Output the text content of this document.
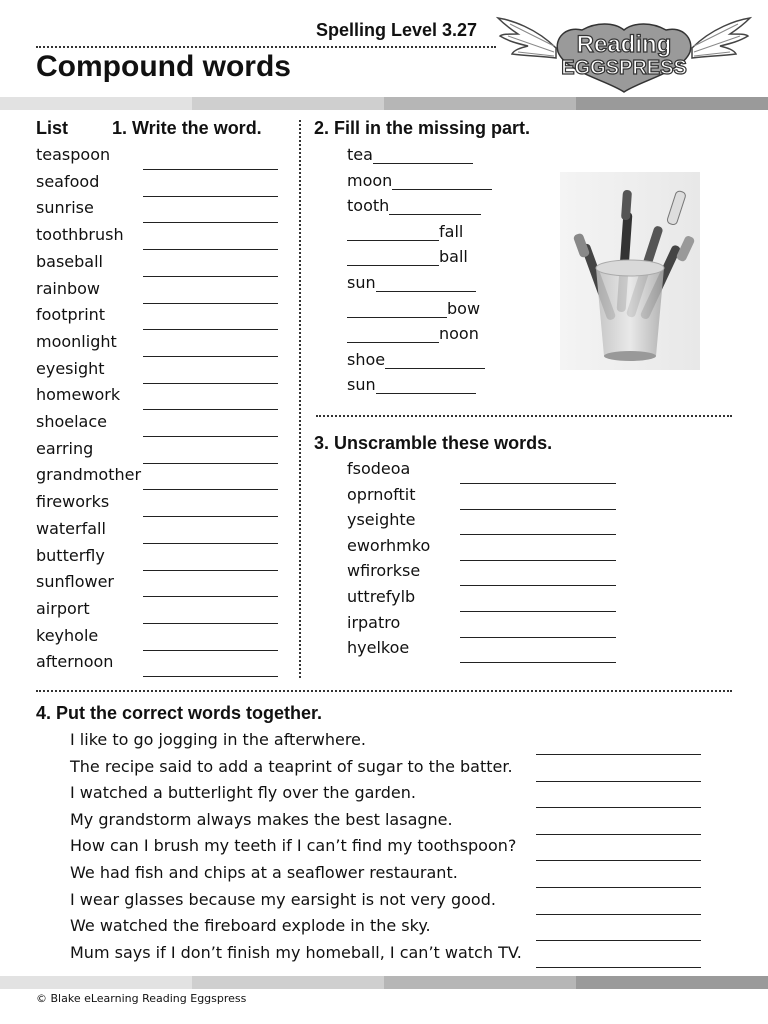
Spelling Level 3.27
Compound words
Reading
EGGSPRESS
List 1. Write the word.
teaspoon
seafood
sunrise
toothbrush
baseball
rainbow
footprint
moonlight
eyesight
homework
shoelace
earring
grandmother
fireworks
waterfall
butterfly
sunflower
airport
keyhole
afternoon
2. Fill in the missing part.
tea
moon
tooth
fall
ball
sun
bow
noon
shoe
sun
3. Unscramble these words.
fsodeoa
oprnoftit
yseighte
eworhmko
wfirorkse
uttrefylb
irpatro
hyelkoe
4. Put the correct words together.
I like to go jogging in the afterwhere.
The recipe said to add a teaprint of sugar to the batter.
I watched a butterlight fly over the garden.
My grandstorm always makes the best lasagne.
How can I brush my teeth if I can’t find my toothspoon?
We had fish and chips at a seaflower restaurant.
I wear glasses because my earsight is not very good.
We watched the fireboard explode in the sky.
Mum says if I don’t finish my homeball, I can’t watch TV.
© Blake eLearning Reading Eggspress
